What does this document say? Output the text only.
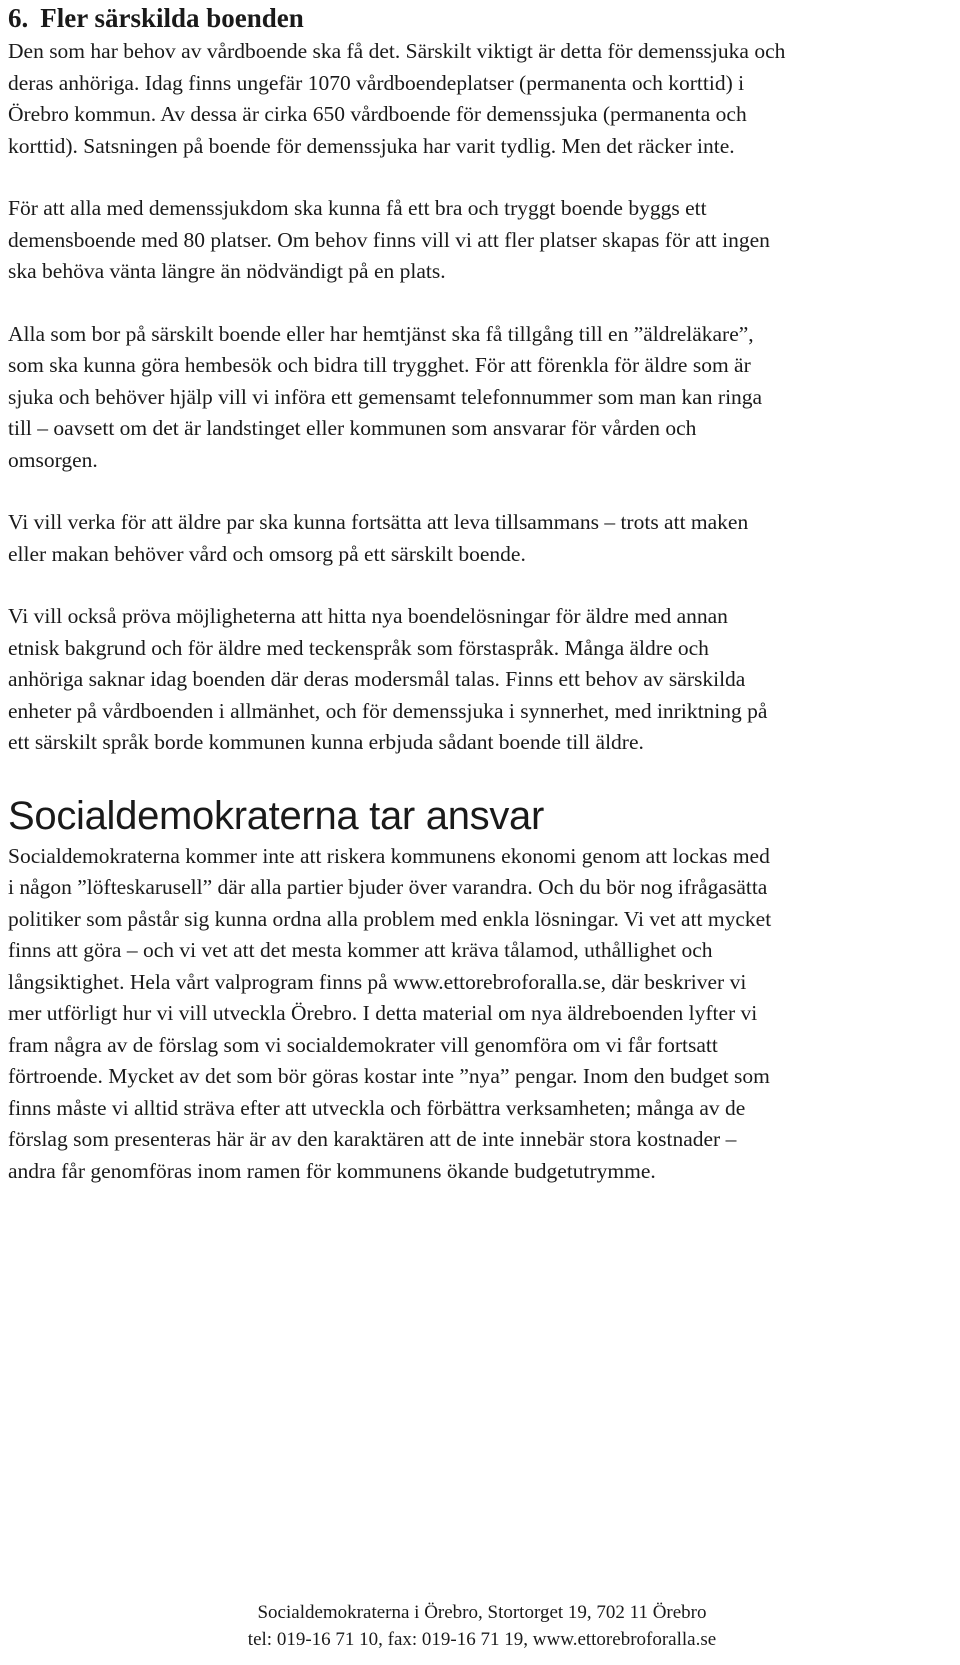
6. Fler särskilda boenden

Den som har behov av vårdboende ska få det. Särskilt viktigt är detta för demenssjuka och
deras anhöriga. Idag finns ungefär 1070 vårdboendeplatser (permanenta och korttid) i
Örebro kommun. Av dessa är cirka 650 vårdboende för demenssjuka (permanenta och
korttid). Satsningen på boende för demenssjuka har varit tydlig. Men det räcker inte.

För att alla med demenssjukdom ska kunna få ett bra och tryggt boende byggs ett
demensboende med 80 platser. Om behov finns vill vi att fler platser skapas för att ingen
ska behöva vänta längre än nödvändigt på en plats.

Alla som bor på särskilt boende eller har hemtjänst ska få tillgång till en ”äldreläkare”,
som ska kunna göra hembesök och bidra till trygghet. För att förenkla för äldre som är
sjuka och behöver hjälp vill vi införa ett gemensamt telefonnummer som man kan ringa
till – oavsett om det är landstinget eller kommunen som ansvarar för vården och
omsorgen.

Vi vill verka för att äldre par ska kunna fortsätta att leva tillsammans – trots att maken
eller makan behöver vård och omsorg på ett särskilt boende.

Vi vill också pröva möjligheterna att hitta nya boendelösningar för äldre med annan
etnisk bakgrund och för äldre med teckenspråk som förstaspråk. Många äldre och
anhöriga saknar idag boenden där deras modersmål talas. Finns ett behov av särskilda
enheter på vårdboenden i allmänhet, och för demenssjuka i synnerhet, med inriktning på
ett särskilt språk borde kommunen kunna erbjuda sådant boende till äldre.

Socialdemokraterna tar ansvar

Socialdemokraterna kommer inte att riskera kommunens ekonomi genom att lockas med
i någon ”löfteskarusell” där alla partier bjuder över varandra. Och du bör nog ifrågasätta
politiker som påstår sig kunna ordna alla problem med enkla lösningar. Vi vet att mycket
finns att göra – och vi vet att det mesta kommer att kräva tålamod, uthållighet och
långsiktighet. Hela vårt valprogram finns på www.ettorebroforalla.se, där beskriver vi
mer utförligt hur vi vill utveckla Örebro. I detta material om nya äldreboenden lyfter vi
fram några av de förslag som vi socialdemokrater vill genomföra om vi får fortsatt
förtroende. Mycket av det som bör göras kostar inte ”nya” pengar. Inom den budget som
finns måste vi alltid sträva efter att utveckla och förbättra verksamheten; många av de
förslag som presenteras här är av den karaktären att de inte innebär stora kostnader –
andra får genomföras inom ramen för kommunens ökande budgetutrymme.

Socialdemokraterna i Örebro, Stortorget 19, 702 11 Örebro
tel: 019-16 71 10, fax: 019-16 71 19, www.ettorebroforalla.se
